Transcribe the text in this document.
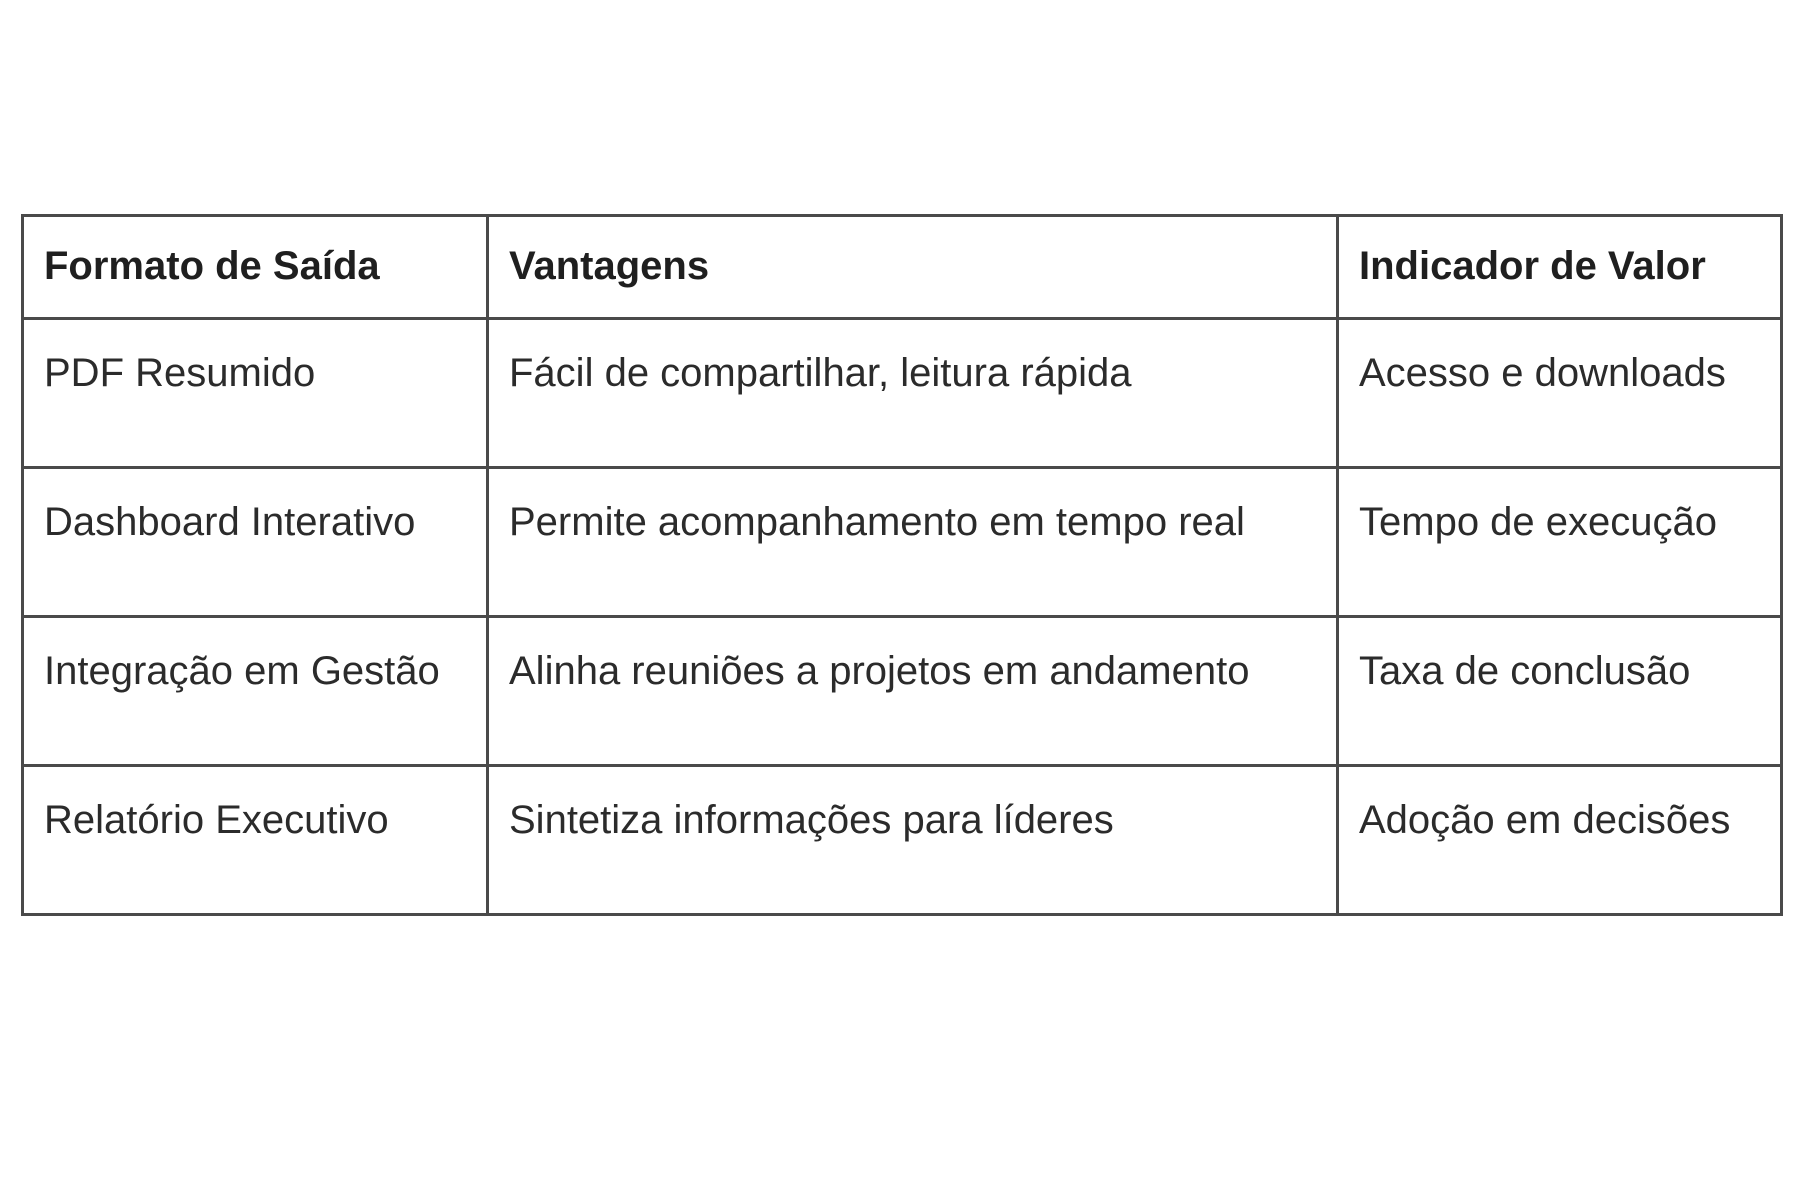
Formato de Saída	Vantagens	Indicador de Valor
PDF Resumido	Fácil de compartilhar, leitura rápida	Acesso e downloads
Dashboard Interativo	Permite acompanhamento em tempo real	Tempo de execução
Integração em Gestão	Alinha reuniões a projetos em andamento	Taxa de conclusão
Relatório Executivo	Sintetiza informações para líderes	Adoção em decisões
